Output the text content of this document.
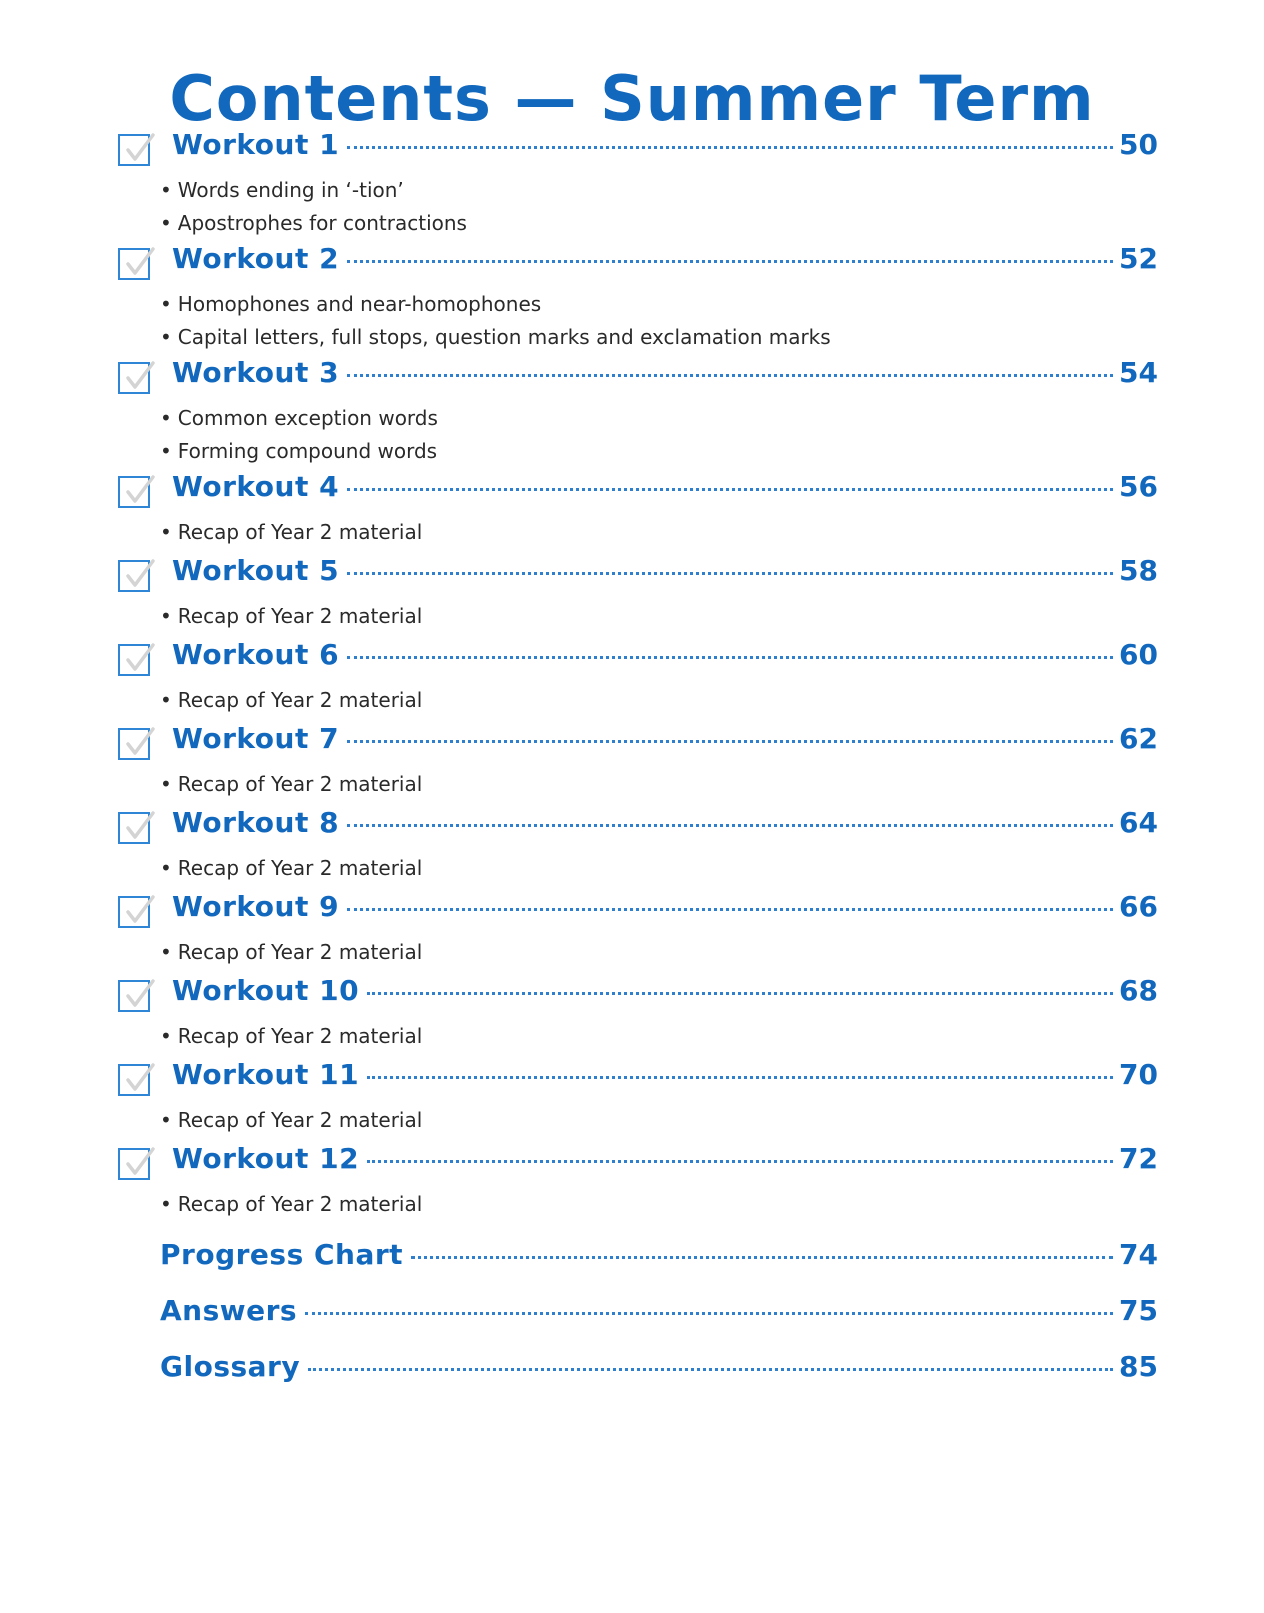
Contents — Summer Term
Workout 1	50
• Words ending in ‘-tion’
• Apostrophes for contractions
Workout 2	52
• Homophones and near-homophones
• Capital letters, full stops, question marks and exclamation marks
Workout 3	54
• Common exception words
• Forming compound words
Workout 4	56
• Recap of Year 2 material
Workout 5	58
• Recap of Year 2 material
Workout 6	60
• Recap of Year 2 material
Workout 7	62
• Recap of Year 2 material
Workout 8	64
• Recap of Year 2 material
Workout 9	66
• Recap of Year 2 material
Workout 10	68
• Recap of Year 2 material
Workout 11	70
• Recap of Year 2 material
Workout 12	72
• Recap of Year 2 material
Progress Chart	74
Answers	75
Glossary	85
